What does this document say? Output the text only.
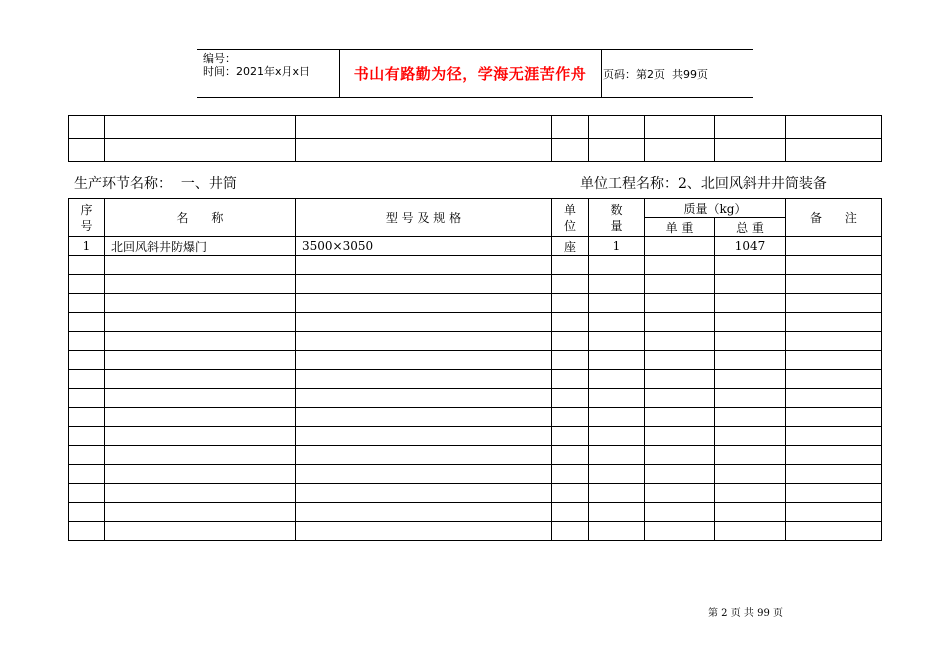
编号：
时间：2021年x月x日	书山有路勤为径，学海无涯苦作舟	页码：第2页  共99页

生产环节名称：  一、井筒	单位工程名称：2、北回风斜井井筒装备
序号	名      称	型 号 及 规 格	单位	数量	质量（kg）		备      注
					单 重	总 重	
1	北回风斜井防爆门	3500×3050	座	1		1047	

第 2 页 共 99 页
